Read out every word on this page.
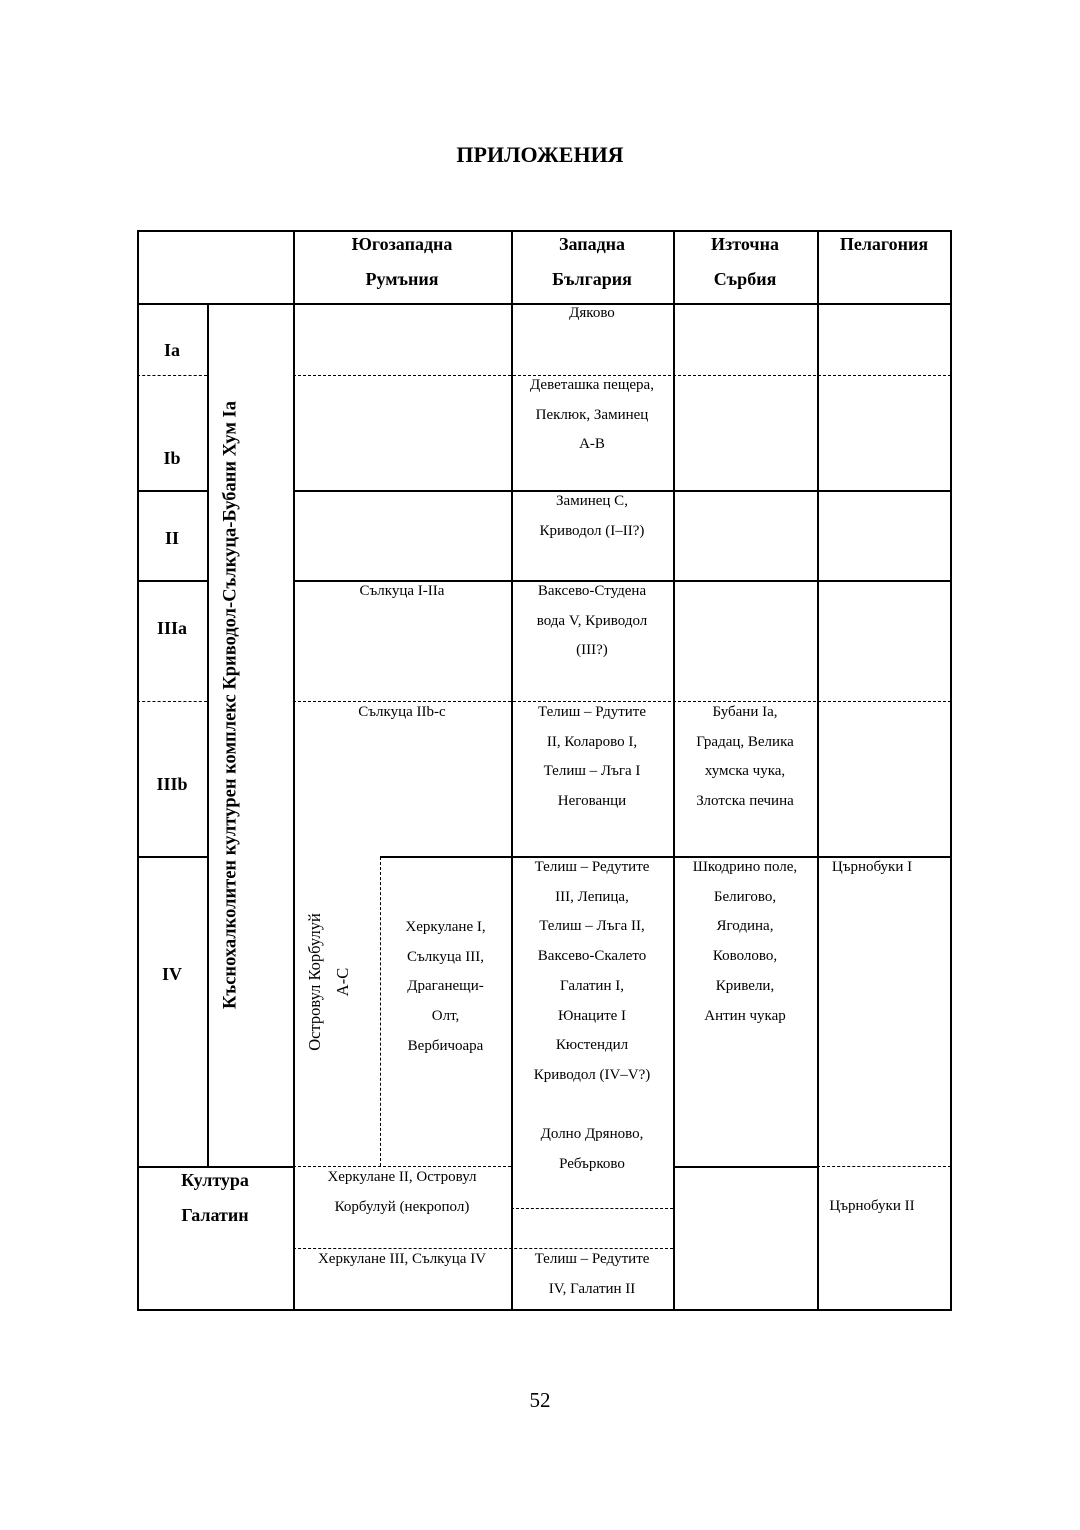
ПРИЛОЖЕНИЯ
Югозападна
Румъния
Западна
България
Източна
Сърбия
Пелагония
Ia
Ib
II
IIIa
IIIb
IV	Къснохалколитен културен комплекс Криводол-Сълкуца-Бубани Хум Ia	Островул Корбулуй A-C
Култура
Галатин
Сълкуца I-IIa
Сълкуца IIb-c
Херкулане I,
Сълкуца III,
Драганещи-
Олт,
Вербичоара
Херкулане II, Островул
Корбулуй (некропол)
Херкулане III, Сълкуца IV
Дяково
Деветашка пещера,
Пеклюк, Заминец
A-B
Заминец C,
Криводол (I–II?)
Ваксево-Студена
вода V, Криводол
(III?)
Телиш – Рдутите
II, Коларово I,
Телиш – Лъга I
Негованци
Телиш – Редутите
III, Лепица,
Телиш – Лъга II,
Ваксево-Скалето
Галатин I,
Юнаците I
Кюстендил
Криводол (IV–V?)
Долно Дряново,
Ребърково
Телиш – Редутите
IV, Галатин II
Бубани Ia,
Градац, Велика
хумска чука,
Злотска печина
Шкодрино поле,
Белигово,
Ягодина,
Коволово,
Кривели,
Антин чукар
Църнобуки I
Църнобуки II
52
